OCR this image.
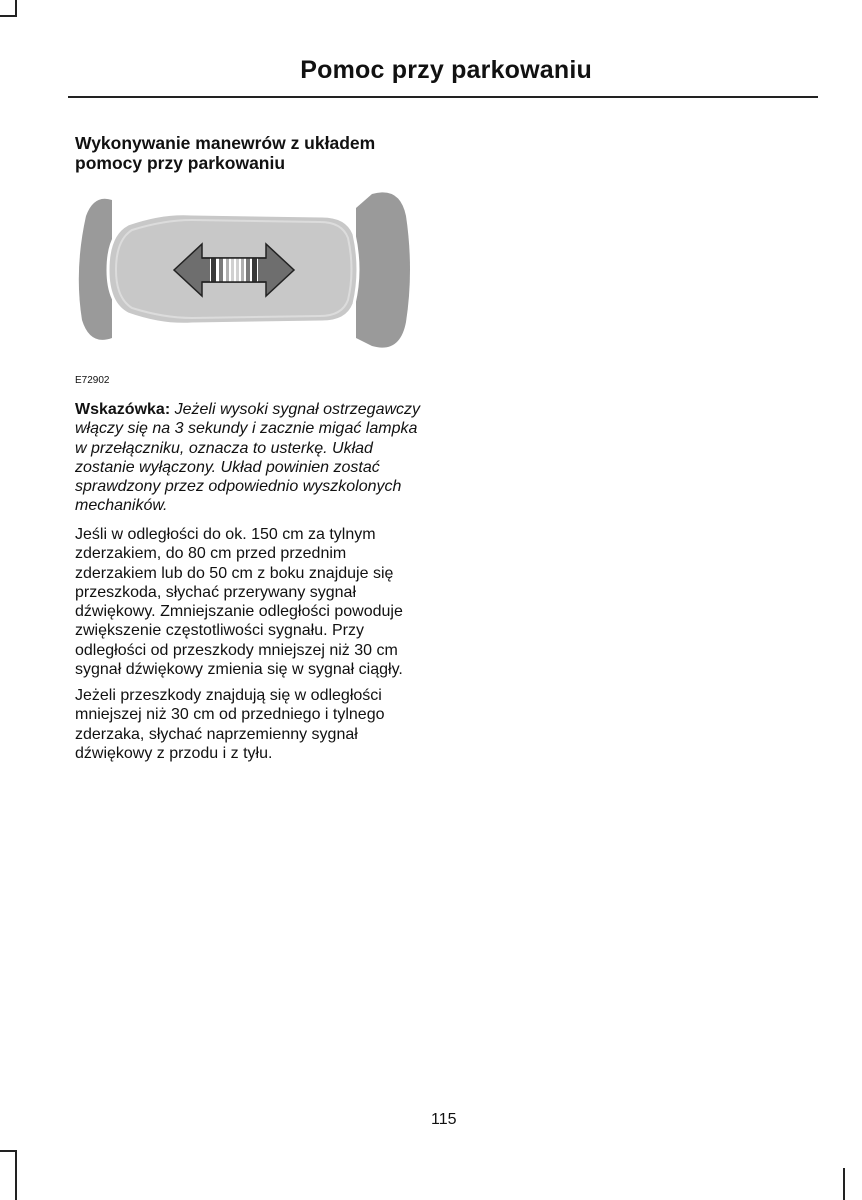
Pomoc przy parkowaniu
Wykonywanie manewrów z układem pomocy przy parkowaniu
E72902

Wskazówka: Jeżeli wysoki sygnał ostrzegawczy włączy się na 3 sekundy i zacznie migać lampka w przełączniku, oznacza to usterkę. Układ zostanie wyłączony. Układ powinien zostać sprawdzony przez odpowiednio wyszkolonych mechaników.

Jeśli w odległości do ok. 150 cm za tylnym zderzakiem, do 80 cm przed przednim zderzakiem lub do 50 cm z boku znajduje się przeszkoda, słychać przerywany sygnał dźwiękowy. Zmniejszanie odległości powoduje zwiększenie częstotliwości sygnału. Przy odległości od przeszkody mniejszej niż 30 cm sygnał dźwiękowy zmienia się w sygnał ciągły.

Jeżeli przeszkody znajdują się w odległości mniejszej niż 30 cm od przedniego i tylnego zderzaka, słychać naprzemienny sygnał dźwiękowy z przodu i z tyłu.

115
